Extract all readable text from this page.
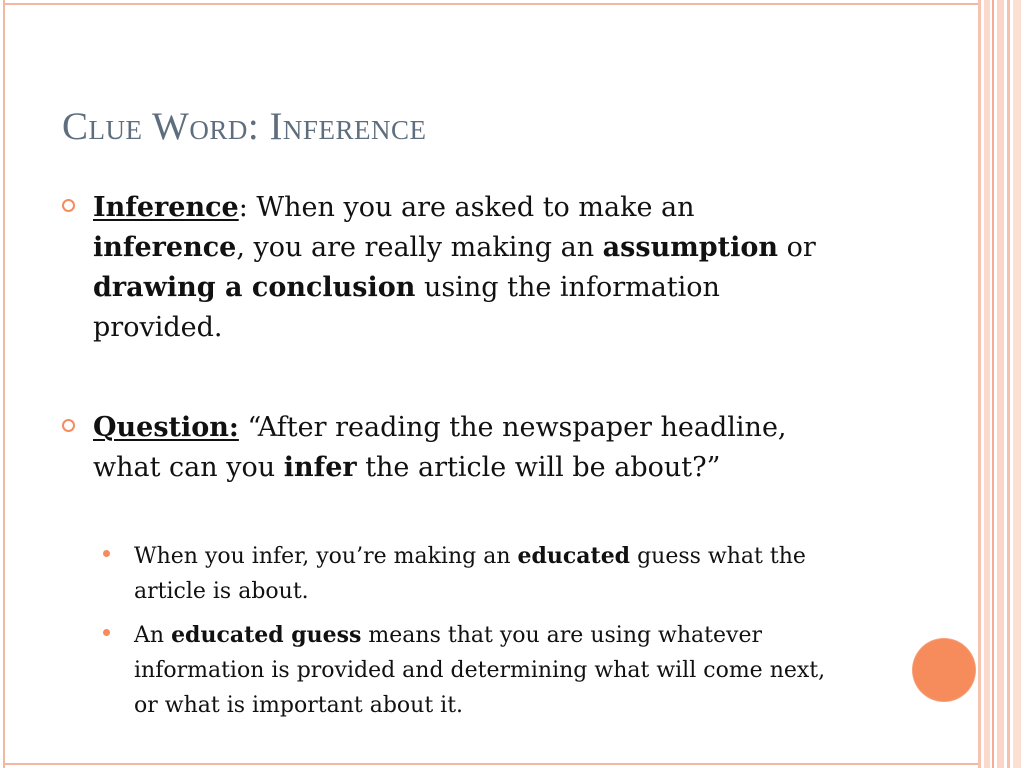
Clue Word: Inference
Inference: When you are asked to make an inference, you are really making an assumption or drawing a conclusion using the information provided.
Question: “After reading the newspaper headline, what can you infer the article will be about?”
When you infer, you’re making an educated guess what the article is about.
An educated guess means that you are using whatever information is provided and determining what will come next, or what is important about it.
